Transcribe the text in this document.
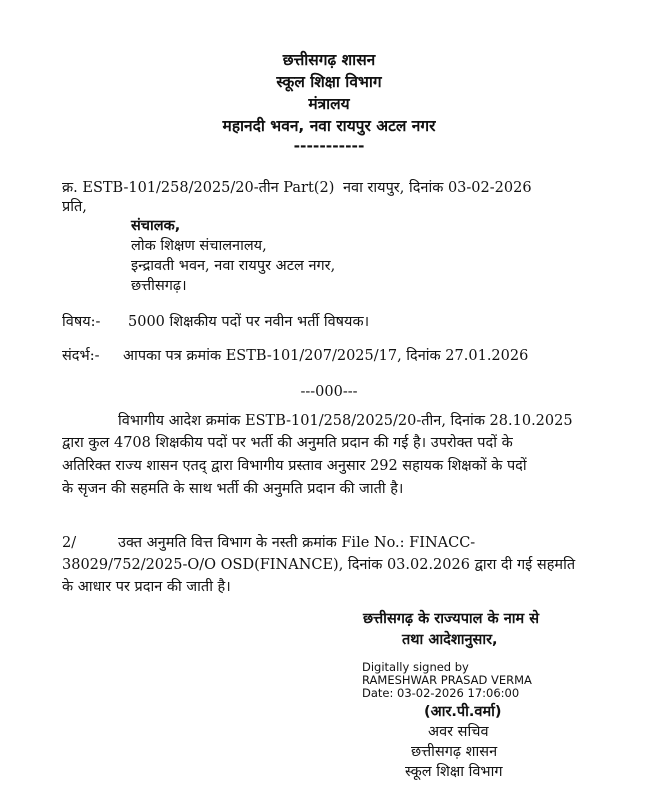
छत्तीसगढ़ शासन
स्कूल शिक्षा विभाग
मंत्रालय
महानदी भवन, नवा रायपुर अटल नगर
-----------
क्र. ESTB-101/258/2025/20-तीन Part(2) नवा रायपुर, दिनांक 03-02-2026
प्रति,
संचालक,
लोक शिक्षण संचालनालय,
इन्द्रावती भवन, नवा रायपुर अटल नगर,
छत्तीसगढ़।
विषय:- 5000 शिक्षकीय पदों पर नवीन भर्ती विषयक।
संदर्भ:- आपका पत्र क्रमांक ESTB-101/207/2025/17, दिनांक 27.01.2026
---000---
विभागीय आदेश क्रमांक ESTB-101/258/2025/20-तीन, दिनांक 28.10.2025
द्वारा कुल 4708 शिक्षकीय पदों पर भर्ती की अनुमति प्रदान की गई है। उपरोक्त पदों के
अतिरिक्त राज्य शासन एतद् द्वारा विभागीय प्रस्ताव अनुसार 292 सहायक शिक्षकों के पदों
के सृजन की सहमति के साथ भर्ती की अनुमति प्रदान की जाती है।
2/	उक्त अनुमति वित्त विभाग के नस्ती क्रमांक File No.: FINACC-
38029/752/2025-O/O OSD(FINANCE), दिनांक 03.02.2026 द्वारा दी गई सहमति
के आधार पर प्रदान की जाती है।
छत्तीसगढ़ के राज्यपाल के नाम से
तथा आदेशानुसार,
Digitally signed by
RAMESHWAR PRASAD VERMA
Date: 03-02-2026 17:06:00
(आर.पी.वर्मा)
अवर सचिव
छत्तीसगढ़ शासन
स्कूल शिक्षा विभाग
